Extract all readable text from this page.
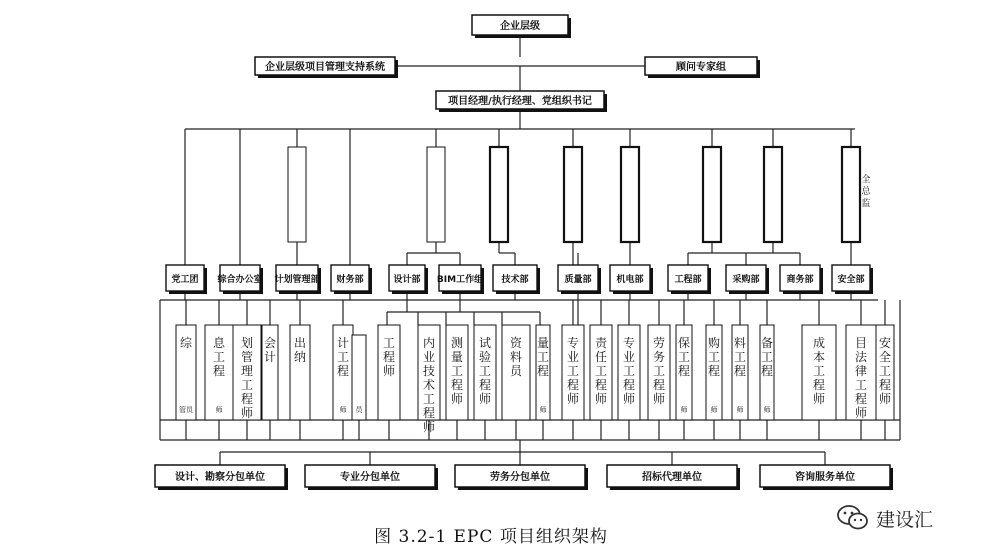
企业层级
企业层级项目管理支持系统	顾问专家组
项目经理/执行经理、党组织书记
党工团 综合办公室 计划管理部 财务部	设计部 BIM工作组 技术部	质量部	机电部	工程部	采购部	商务部	安全部
全
总
监
综
管员
息
工
程
师
划
管
理
工
程
师
会
计
出
纳
计
工
程
师 员
工
程
师
内
业
技
术
工
程
师
测
量
工
程
师
试
验
工
程
师
资
料
员
量
工
程
师
专
业
工
程
师
责
任
工
程
师
专
业
工
程
师
劳
务
工
程
师
保
工
程
师
购
工
程
师
料
工
程
师
备
工
程
师
成
本
工
程
师
目
法
律
工
程
师
安
全
工
程
师
设计、勘察分包单位	专业分包单位	劳务分包单位	招标代理单位	咨询服务单位
图 3.2-1 EPC 项目组织架构
建设汇
